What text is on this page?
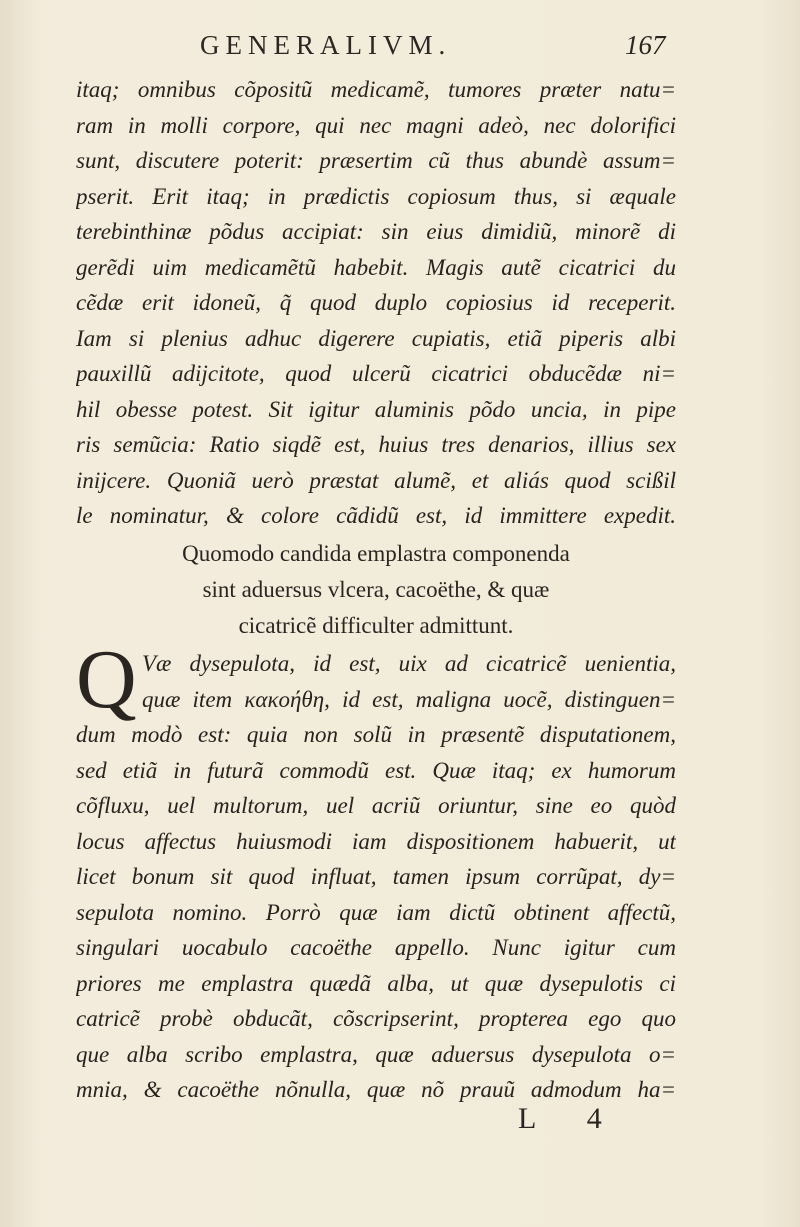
GENERALIVM.	167
itaq; omnibus cõpositũ medicamẽ, tumores præter natu=
ram in molli corpore, qui nec magni adeò, nec dolorifici
sunt, discutere poterit: præsertim cũ thus abundè assum=
pserit. Erit itaq; in prædictis copiosum thus, si æquale
terebinthinæ põdus accipiat: sin eius dimidiũ, minorẽ di
gerẽdi uim medicamẽtũ habebit. Magis autẽ cicatrici du
cẽdæ erit idoneũ, q̃ quod duplo copiosius id receperit.
Iam si plenius adhuc digerere cupiatis, etiã piperis albi
pauxillũ adijcitote, quod ulcerũ cicatrici obducẽdæ ni=
hil obesse potest. Sit igitur aluminis põdo uncia, in pipe
ris semũcia: Ratio siqdẽ est, huius tres denarios, illius sex
inijcere. Quoniã uerò præstat alumẽ, et aliás quod scißil
le nominatur, & colore cãdidũ est, id immittere expedit.
Quomodo candida emplastra componenda
sint aduersus vlcera, cacoëthe, & quæ
cicatricẽ difficulter admittunt.
Q Væ dysepulota, id est, uix ad cicatricẽ uenientia,
quæ item κακοήθη, id est, maligna uocẽ, distinguen=
dum modò est: quia non solũ in præsentẽ disputationem,
sed etiã in futurã commodũ est. Quæ itaq; ex humorum
cõfluxu, uel multorum, uel acriũ oriuntur, sine eo quòd
locus affectus huiusmodi iam dispositionem habuerit, ut
licet bonum sit quod influat, tamen ipsum corrũpat, dy=
sepulota nomino. Porrò quæ iam dictũ obtinent affectũ,
singulari uocabulo cacoëthe appello. Nunc igitur cum
priores me emplastra quædã alba, ut quæ dysepulotis ci
catricẽ probè obducãt, cõscripserint, propterea ego quo
que alba scribo emplastra, quæ aduersus dysepulota o=
mnia, & cacoëthe nõnulla, quæ nõ prauũ admodum ha=
L 4
